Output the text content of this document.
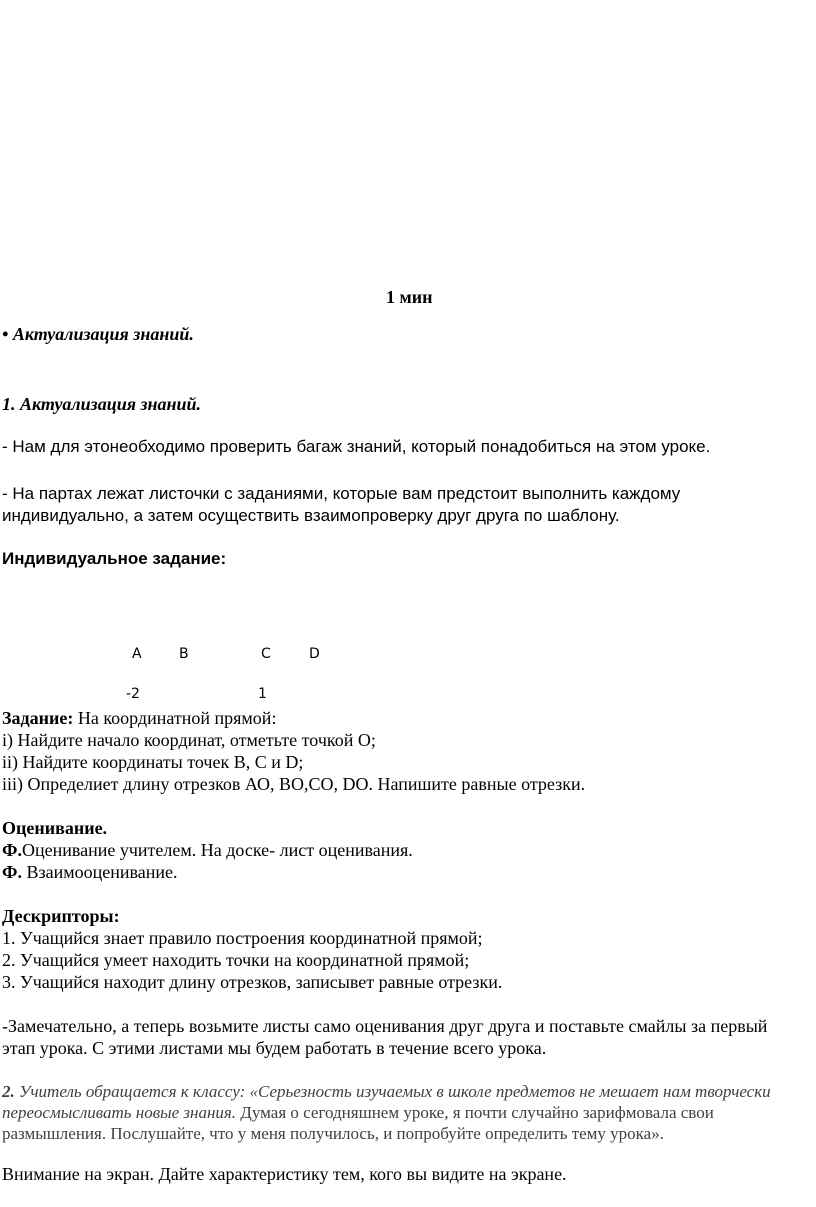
1 мин
• Актуализация знаний.
1. Актуализация знаний.
- Нам для этонеобходимо проверить багаж знаний, который понадобиться на этом уроке.
- На партах лежат листочки с заданиями, которые вам предстоит выполнить каждому индивидуально, а затем осуществить взаимопроверку друг друга по шаблону.
Индивидуальное задание:
A	B	C	D
-2	1
Задание: На координатной прямой:
i) Найдите начало координат, отметьте точкой О;
ii) Найдите координаты точек В, С и D;
iii) Определиет длину отрезков АО, ВО,СО, DО. Напишите равные отрезки.
Оценивание.
Ф.Оценивание учителем. На доске- лист оценивания.
Ф. Взаимооценивание.
Дескрипторы:
1. Учащийся знает правило построения координатной прямой;
2. Учащийся умеет находить точки на координатной прямой;
3. Учащийся находит длину отрезков, записывет равные отрезки.
-Замечательно, а теперь возьмите листы само оценивания друг друга и поставьте смайлы за первый этап урока. С этими листами мы будем работать в течение всего урока.
2. Учитель обращается к классу: «Серьезность изучаемых в школе предметов не мешает нам творчески переосмысливать новые знания. Думая о сегодняшнем уроке, я почти случайно зарифмовала свои размышления. Послушайте, что у меня получилось, и попробуйте определить тему урока».
Внимание на экран. Дайте характеристику тем, кого вы видите на экране.
